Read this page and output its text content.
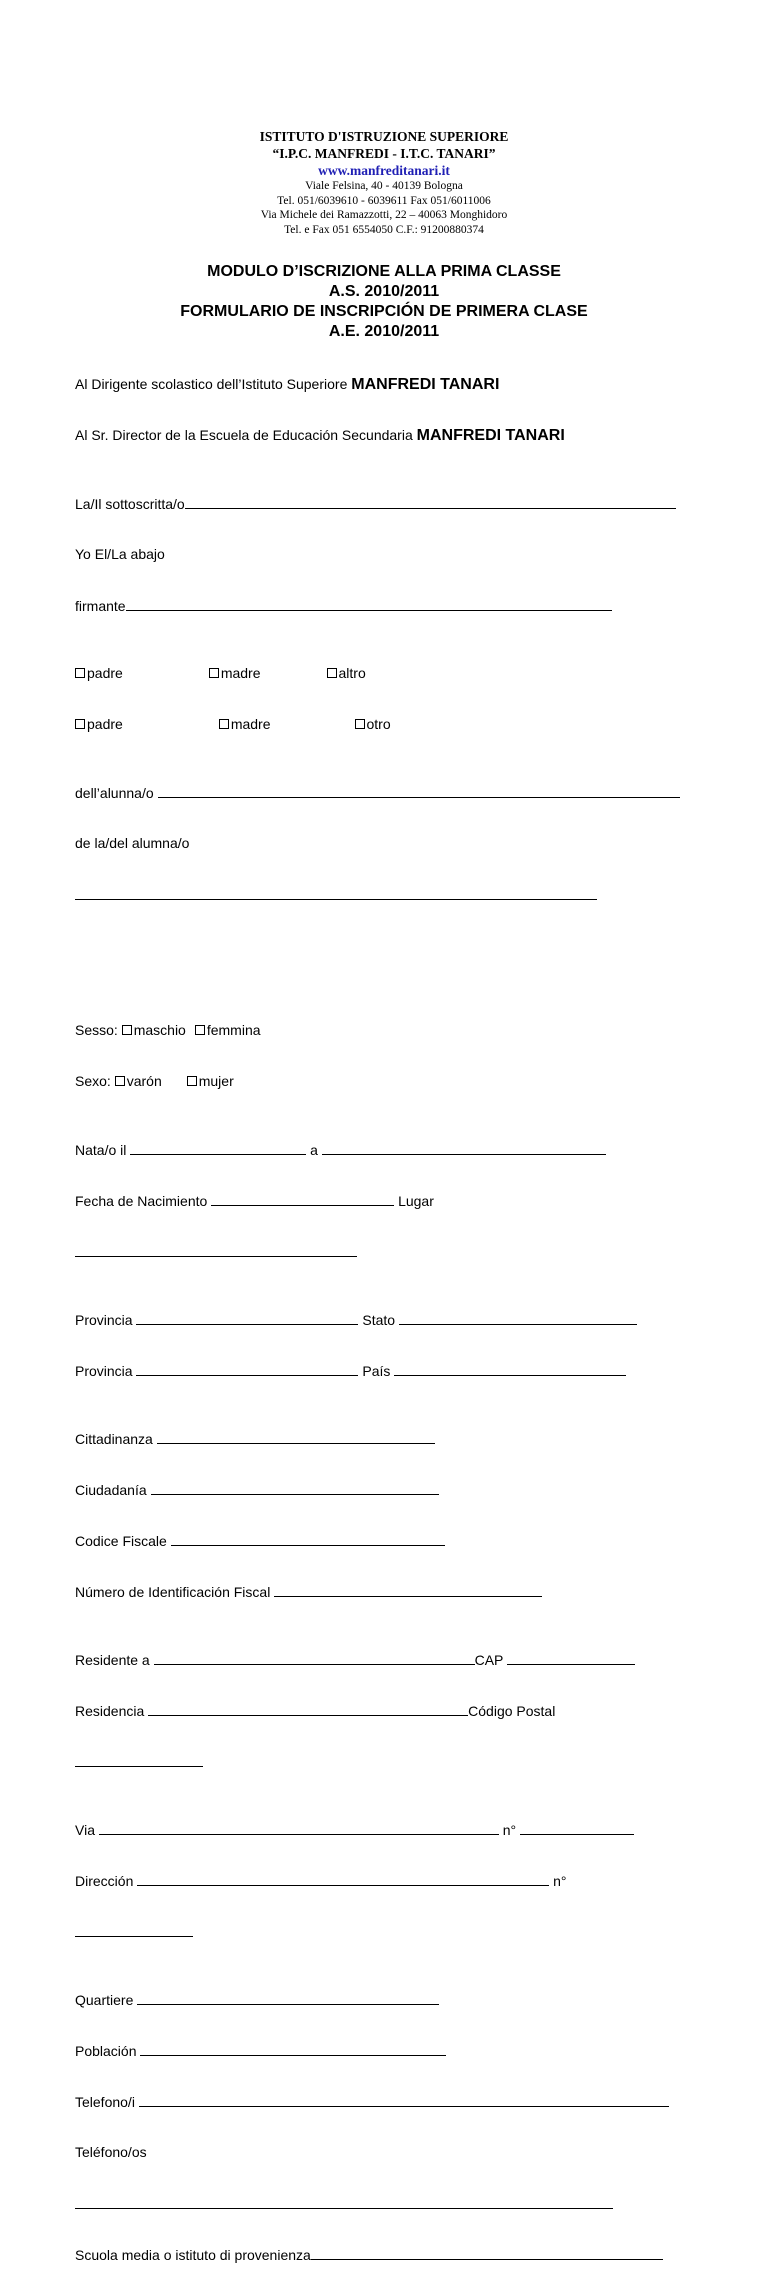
ISTITUTO D'ISTRUZIONE SUPERIORE
“I.P.C. MANFREDI - I.T.C. TANARI”
www.manfreditanari.it
Viale Felsina, 40 - 40139 Bologna
Tel. 051/6039610 - 6039611 Fax 051/6011006
Via Michele dei Ramazzotti, 22 – 40063 Monghidoro
Tel. e Fax 051 6554050 C.F.: 91200880374
MODULO D’ISCRIZIONE ALLA PRIMA CLASSE
A.S. 2010/2011
FORMULARIO DE INSCRIPCIÓN DE PRIMERA CLASE
A.E. 2010/2011

Al Dirigente scolastico dell’Istituto Superiore MANFREDI TANARI

Al Sr. Director de la Escuela de Educación Secundaria MANFREDI TANARI

La/Il sottoscritta/o

Yo El/La abajo

firmante

padre	madre	altro

padre	madre	otro

dell’alunna/o

de la/del alumna/o

Sesso: maschio femmina

Sexo: varón	mujer

Nata/o il	a

Fecha de Nacimiento	Lugar

Provincia	Stato

Provincia	País

Cittadinanza

Ciudadanía

Codice Fiscale

Número de Identificación Fiscal

Residente a	CAP

Residencia	Código Postal

Via	n°

Dirección	n°

Quartiere

Población

Telefono/i

Teléfono/os

Scuola media o istituto di provenienza
